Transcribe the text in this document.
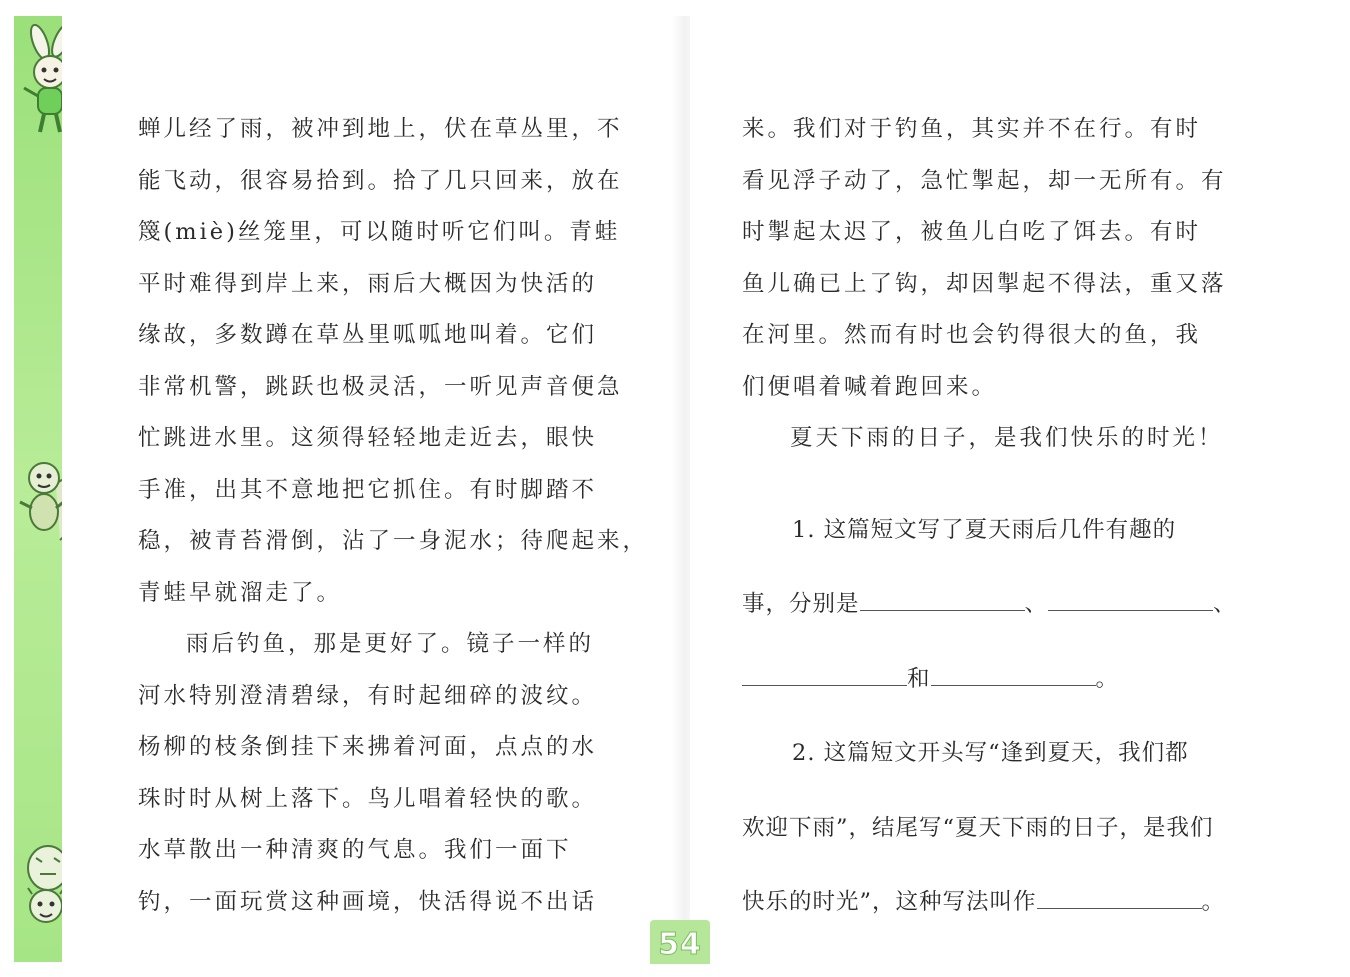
蝉儿经了雨，被冲到地上，伏在草丛里，不
能飞动，很容易拾到。拾了几只回来，放在
篾(miè)丝笼里，可以随时听它们叫。青蛙
平时难得到岸上来，雨后大概因为快活的
缘故，多数蹲在草丛里呱呱地叫着。它们
非常机警，跳跃也极灵活，一听见声音便急
忙跳进水里。这须得轻轻地走近去，眼快
手准，出其不意地把它抓住。有时脚踏不
稳，被青苔滑倒，沾了一身泥水；待爬起来，
青蛙早就溜走了。
雨后钓鱼，那是更好了。镜子一样的
河水特别澄清碧绿，有时起细碎的波纹。
杨柳的枝条倒挂下来拂着河面，点点的水
珠时时从树上落下。鸟儿唱着轻快的歌。
水草散出一种清爽的气息。我们一面下
钓，一面玩赏这种画境，快活得说不出话
来。我们对于钓鱼，其实并不在行。有时
看见浮子动了，急忙掣起，却一无所有。有
时掣起太迟了，被鱼儿白吃了饵去。有时
鱼儿确已上了钩，却因掣起不得法，重又落
在河里。然而有时也会钓得很大的鱼，我
们便唱着喊着跑回来。
夏天下雨的日子，是我们快乐的时光！
1. 这篇短文写了夏天雨后几件有趣的
事，分别是	、	、
和	。
2. 这篇短文开头写“逢到夏天，我们都
欢迎下雨”，结尾写“夏天下雨的日子，是我们
快乐的时光”，这种写法叫作	。
54
